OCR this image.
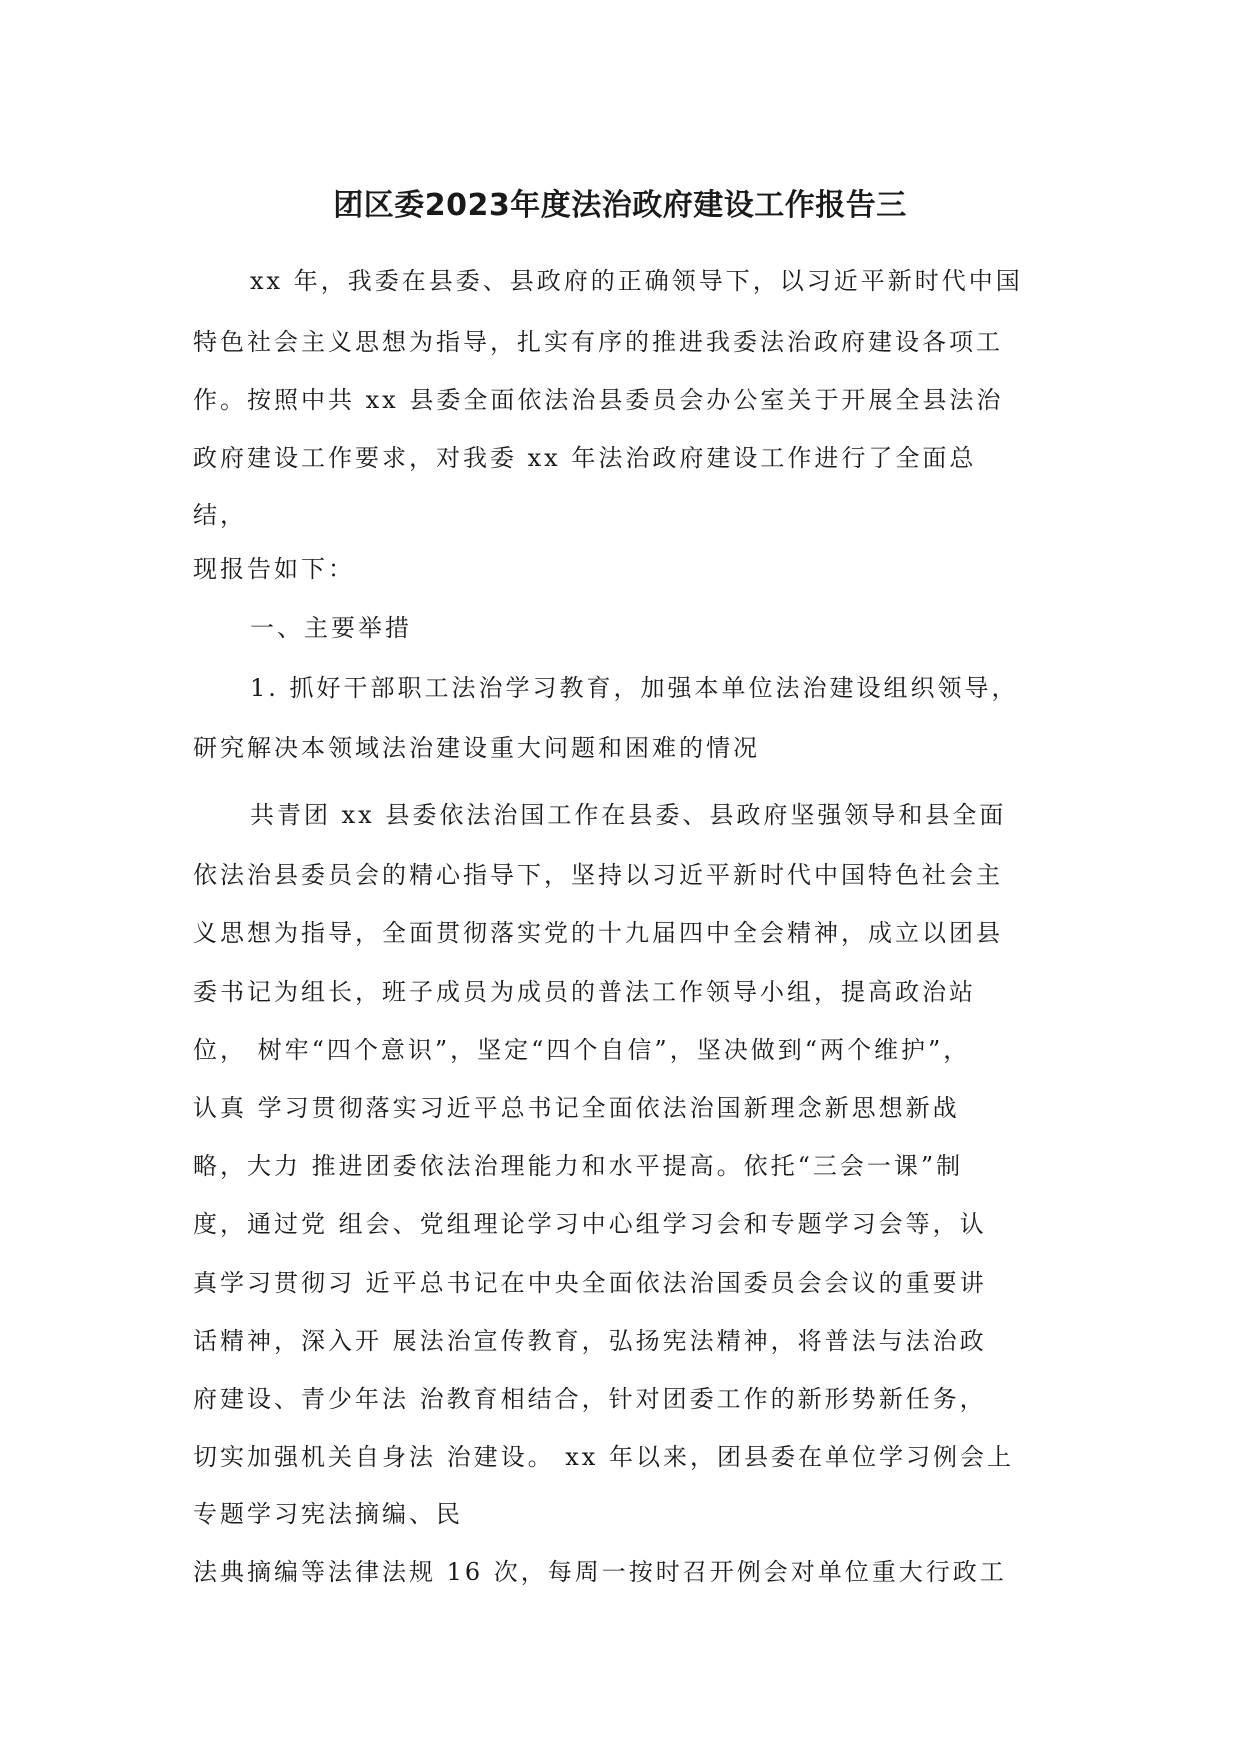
团区委2023年度法治政府建设工作报告三
xx 年，我委在县委、县政府的正确领导下，以习近平新时代中国
特色社会主义思想为指导，扎实有序的推进我委法治政府建设各项工
作。按照中共 xx 县委全面依法治县委员会办公室关于开展全县法治
政府建设工作要求，对我委 xx 年法治政府建设工作进行了全面总
结，
现报告如下：
一、主要举措
1. 抓好干部职工法治学习教育，加强本单位法治建设组织领导，
研究解决本领域法治建设重大问题和困难的情况
共青团 xx 县委依法治国工作在县委、县政府坚强领导和县全面
依法治县委员会的精心指导下，坚持以习近平新时代中国特色社会主
义思想为指导，全面贯彻落实党的十九届四中全会精神，成立以团县
委书记为组长，班子成员为成员的普法工作领导小组，提高政治站
位， 树牢“四个意识”，坚定“四个自信”，坚决做到“两个维护”，
认真 学习贯彻落实习近平总书记全面依法治国新理念新思想新战
略，大力 推进团委依法治理能力和水平提高。依托“三会一课”制
度，通过党 组会、党组理论学习中心组学习会和专题学习会等，认
真学习贯彻习 近平总书记在中央全面依法治国委员会会议的重要讲
话精神，深入开 展法治宣传教育，弘扬宪法精神，将普法与法治政
府建设、青少年法 治教育相结合，针对团委工作的新形势新任务，
切实加强机关自身法 治建设。 xx 年以来，团县委在单位学习例会上
专题学习宪法摘编、民
法典摘编等法律法规 16 次，每周一按时召开例会对单位重大行政工
